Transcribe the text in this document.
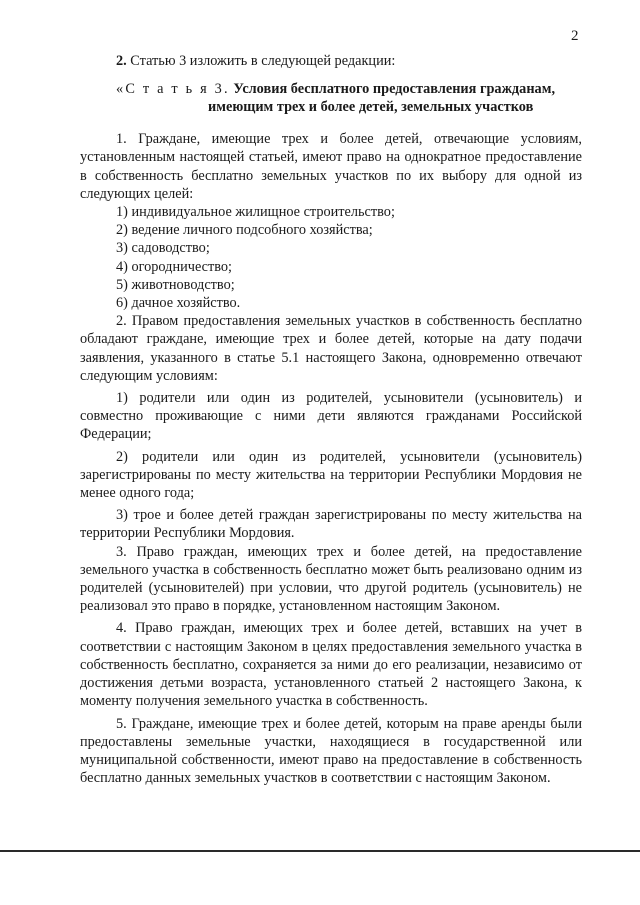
2

2. Статью 3 изложить в следующей редакции:

«С т а т ь я 3. Условия бесплатного предоставления гражданам,
имеющим трех и более детей, земельных участков

1. Граждане, имеющие трех и более детей, отвечающие условиям, установленным настоящей статьей, имеют право на однократное предоставление в собственность бесплатно земельных участков по их выбору для одной из следующих целей:

1) индивидуальное жилищное строительство;

2) ведение личного подсобного хозяйства;

3) садоводство;

4) огородничество;

5) животноводство;

6) дачное хозяйство.

2. Правом предоставления земельных участков в собственность бесплатно обладают граждане, имеющие трех и более детей, которые на дату подачи заявления, указанного в статье 5.1 настоящего Закона, одновременно отвечают следующим условиям:

1) родители или один из родителей, усыновители (усыновитель) и совместно проживающие с ними дети являются гражданами Российской Федерации;

2) родители или один из родителей, усыновители (усыновитель) зарегистрированы по месту жительства на территории Республики Мордовия не менее одного года;

3) трое и более детей граждан зарегистрированы по месту жительства на территории Республики Мордовия.

3. Право граждан, имеющих трех и более детей, на предоставление земельного участка в собственность бесплатно может быть реализовано одним из родителей (усыновителей) при условии, что другой родитель (усыновитель) не реализовал это право в порядке, установленном настоящим Законом.

4. Право граждан, имеющих трех и более детей, вставших на учет в соответствии с настоящим Законом в целях предоставления земельного участка в собственность бесплатно, сохраняется за ними до его реализации, независимо от достижения детьми возраста, установленного статьей 2 настоящего Закона, к моменту получения земельного участка в собственность.

5. Граждане, имеющие трех и более детей, которым на праве аренды были предоставлены земельные участки, находящиеся в государственной или муниципальной собственности, имеют право на предоставление в собственность бесплатно данных земельных участков в соответствии с настоящим Законом.
